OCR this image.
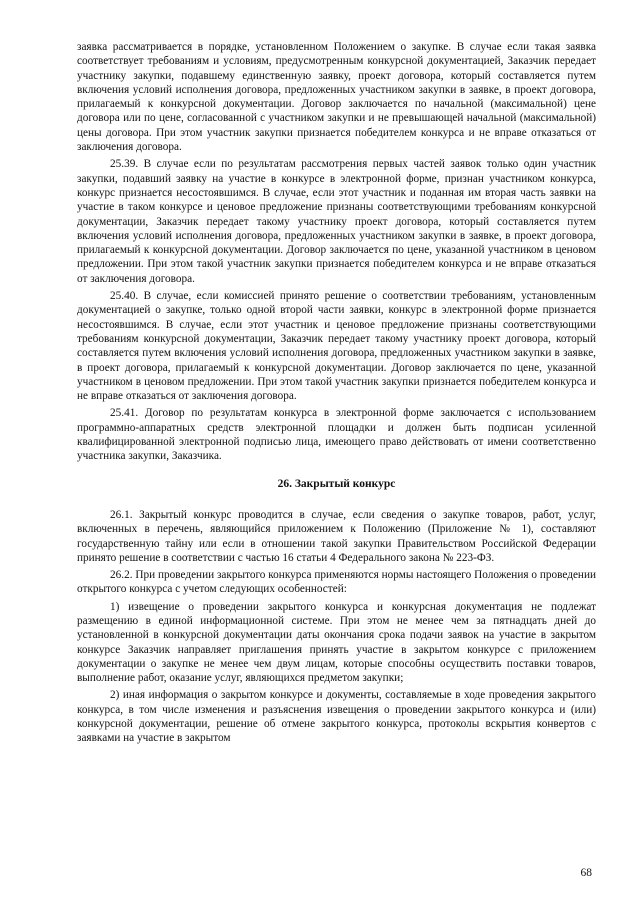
заявка рассматривается в порядке, установленном Положением о закупке. В случае если такая заявка соответствует требованиям и условиям, предусмотренным конкурсной документацией, Заказчик передает участнику закупки, подавшему единственную заявку, проект договора, который составляется путем включения условий исполнения договора, предложенных участником закупки в заявке, в проект договора, прилагаемый к конкурсной документации. Договор заключается по начальной (максимальной) цене договора или по цене, согласованной с участником закупки и не превышающей начальной (максимальной) цены договора. При этом участник закупки признается победителем конкурса и не вправе отказаться от заключения договора.

25.39. В случае если по результатам рассмотрения первых частей заявок только один участник закупки, подавший заявку на участие в конкурсе в электронной форме, признан участником конкурса, конкурс признается несостоявшимся. В случае, если этот участник и поданная им вторая часть заявки на участие в таком конкурсе и ценовое предложение признаны соответствующими требованиям конкурсной документации, Заказчик передает такому участнику проект договора, который составляется путем включения условий исполнения договора, предложенных участником закупки в заявке, в проект договора, прилагаемый к конкурсной документации. Договор заключается по цене, указанной участником в ценовом предложении. При этом такой участник закупки признается победителем конкурса и не вправе отказаться от заключения договора.

25.40. В случае, если комиссией принято решение о соответствии требованиям, установленным документацией о закупке, только одной второй части заявки, конкурс в электронной форме признается несостоявшимся. В случае, если этот участник и ценовое предложение признаны соответствующими требованиям конкурсной документации, Заказчик передает такому участнику проект договора, который составляется путем включения условий исполнения договора, предложенных участником закупки в заявке, в проект договора, прилагаемый к конкурсной документации. Договор заключается по цене, указанной участником в ценовом предложении. При этом такой участник закупки признается победителем конкурса и не вправе отказаться от заключения договора.

25.41. Договор по результатам конкурса в электронной форме заключается с использованием программно-аппаратных средств электронной площадки и должен быть подписан усиленной квалифицированной электронной подписью лица, имеющего право действовать от имени соответственно участника закупки, Заказчика.

26. Закрытый конкурс

26.1. Закрытый конкурс проводится в случае, если сведения о закупке товаров, работ, услуг, включенных в перечень, являющийся приложением к Положению (Приложение № 1), составляют государственную тайну или если в отношении такой закупки Правительством Российской Федерации принято решение в соответствии с частью 16 статьи 4 Федерального закона № 223-ФЗ.

26.2. При проведении закрытого конкурса применяются нормы настоящего Положения о проведении открытого конкурса с учетом следующих особенностей:

1) извещение о проведении закрытого конкурса и конкурсная документация не подлежат размещению в единой информационной системе. При этом не менее чем за пятнадцать дней до установленной в конкурсной документации даты окончания срока подачи заявок на участие в закрытом конкурсе Заказчик направляет приглашения принять участие в закрытом конкурсе с приложением документации о закупке не менее чем двум лицам, которые способны осуществить поставки товаров, выполнение работ, оказание услуг, являющихся предметом закупки;

2) иная информация о закрытом конкурсе и документы, составляемые в ходе проведения закрытого конкурса, в том числе изменения и разъяснения извещения о проведении закрытого конкурса и (или) конкурсной документации, решение об отмене закрытого конкурса, протоколы вскрытия конвертов с заявками на участие в закрытом

68
